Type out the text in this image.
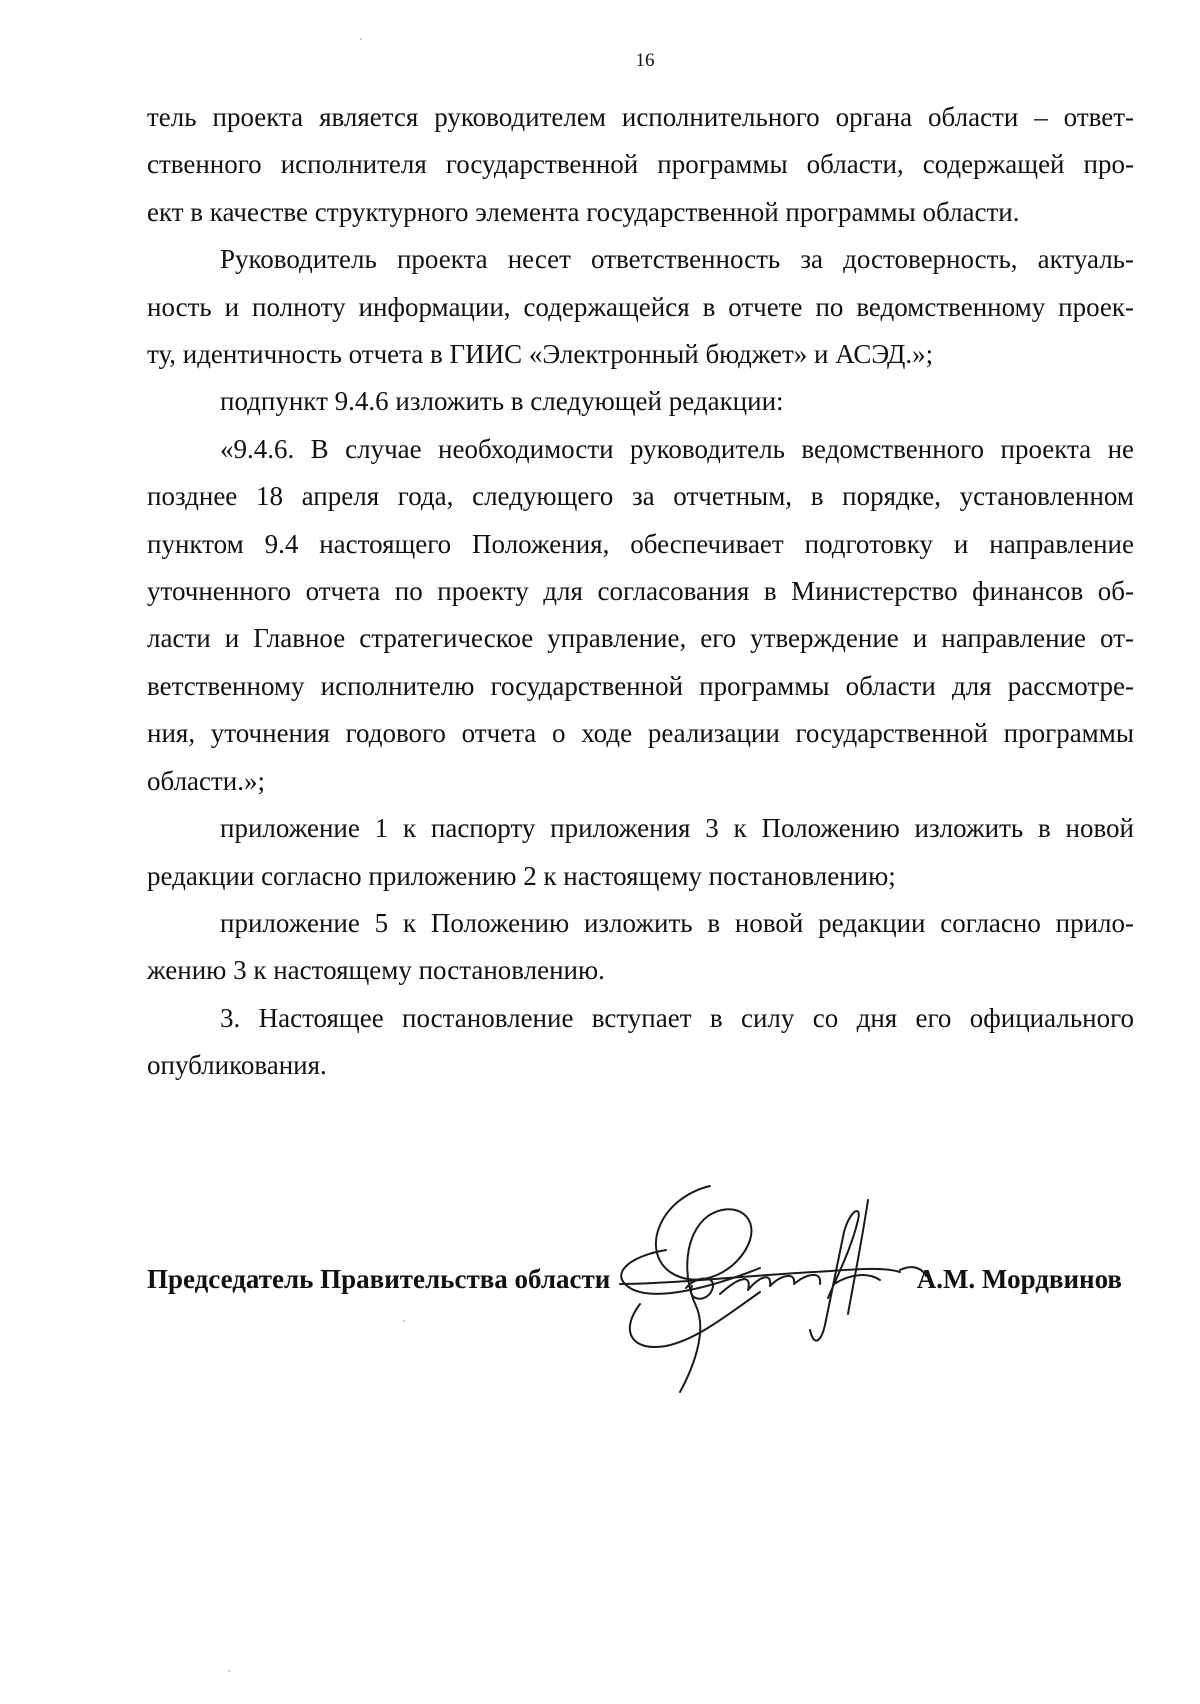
16
тель проекта является руководителем исполнительного органа области – ответ-
ственного исполнителя государственной программы области, содержащей про-
ект в качестве структурного элемента государственной программы области.
Руководитель проекта несет ответственность за достоверность, актуаль-
ность и полноту информации, содержащейся в отчете по ведомственному проек-
ту, идентичность отчета в ГИИС «Электронный бюджет» и АСЭД.»;
подпункт 9.4.6 изложить в следующей редакции:
«9.4.6. В случае необходимости руководитель ведомственного проекта не
позднее 18 апреля года, следующего за отчетным, в порядке, установленном
пунктом 9.4 настоящего Положения, обеспечивает подготовку и направление
уточненного отчета по проекту для согласования в Министерство финансов об-
ласти и Главное стратегическое управление, его утверждение и направление от-
ветственному исполнителю государственной программы области для рассмотре-
ния, уточнения годового отчета о ходе реализации государственной программы
области.»;
приложение 1 к паспорту приложения 3 к Положению изложить в новой
редакции согласно приложению 2 к настоящему постановлению;
приложение 5 к Положению изложить в новой редакции согласно прило-
жению 3 к настоящему постановлению.
3. Настоящее постановление вступает в силу со дня его официального
опубликования.
Председатель Правительства области	А.М. Мордвинов
